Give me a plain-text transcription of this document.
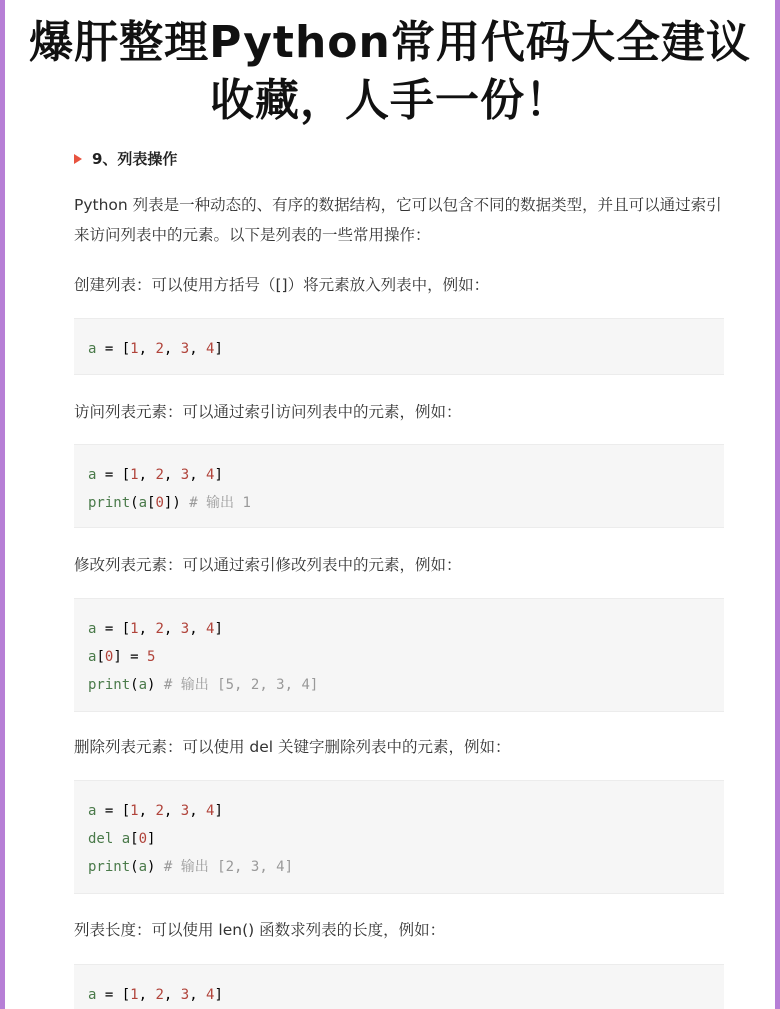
爆肝整理Python常用代码大全建议
收藏，人手一份！
9、列表操作
Python 列表是一种动态的、有序的数据结构，它可以包含不同的数据类型，并且可以通过索引来访问列表中的元素。以下是列表的一些常用操作：
创建列表：可以使用方括号（[]）将元素放入列表中，例如：
a = [1, 2, 3, 4]
访问列表元素：可以通过索引访问列表中的元素，例如：
a = [1, 2, 3, 4]
print(a[0]) # 输出 1
修改列表元素：可以通过索引修改列表中的元素，例如：
a = [1, 2, 3, 4]
a[0] = 5
print(a) # 输出 [5, 2, 3, 4]
删除列表元素：可以使用 del 关键字删除列表中的元素，例如：
a = [1, 2, 3, 4]
del a[0]
print(a) # 输出 [2, 3, 4]
列表长度：可以使用 len() 函数求列表的长度，例如：
a = [1, 2, 3, 4]
